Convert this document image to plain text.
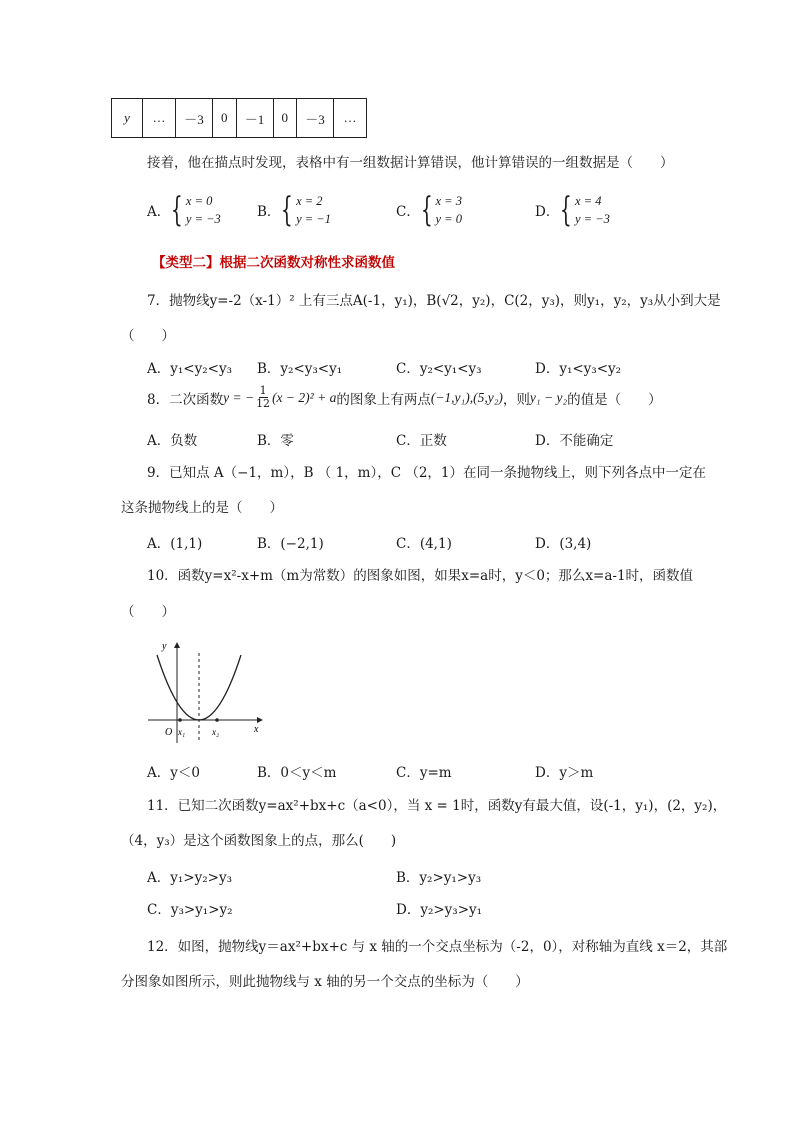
y	…	－3	0	－1	0	－3	…
接着，他在描点时发现，表格中有一组数据计算错误，他计算错误的一组数据是（　　）
A． { x = 0
y = −3	B． { x = 2
y = −1	C． { x = 3
y = 0	D． { x = 4
y = −3
【类型二】根据二次函数对称性求函数值
7．抛物线y=-2（x-1）² 上有三点A(-1，y₁)，B(√2，y₂)，C(2，y₃)，则y₁，y₂，y₃从小到大是
（　　）
A．y₁<y₂<y₃ B．y₂<y₃<y₁	C．y₂<y₁<y₃	D．y₁<y₃<y₂
8．二次函数 y = − $\frac{1}{12} (x - 2)^2 + a$ 的图象上有两点 (−1,y₁),(5,y₂) ，则 y₁ − y₂ 的值是（　　）
A．负数	B．零	C．正数	D．不能确定
9．已知点 A（−1，m），B （ 1，m），C （2，1）在同一条抛物线上，则下列各点中一定在
这条抛物线上的是（　　）
A．(1,1)	B．(−2,1)	C．(4,1)	D．(3,4)
10．函数y=x²-x+m（m为常数）的图象如图，如果x=a时，y＜0；那么x=a-1时，函数值
（　　）
y
x
O x₁	x₂
A．y＜0	B．0＜y＜m	C．y=m	D．y＞m
11．已知二次函数y=ax²+bx+c（a<0），当 x = 1时，函数y有最大值，设(-1，y₁)，(2，y₂)，
（4，y₃）是这个函数图象上的点，那么(　　)
A．y₁>y₂>y₃	B．y₂>y₁>y₃
C．y₃>y₁>y₂	D．y₂>y₃>y₁
12．如图，抛物线y＝ax²+bx+c 与 x 轴的一个交点坐标为（-2，0），对称轴为直线 x＝2，其部
分图象如图所示，则此抛物线与 x 轴的另一个交点的坐标为（　　）
